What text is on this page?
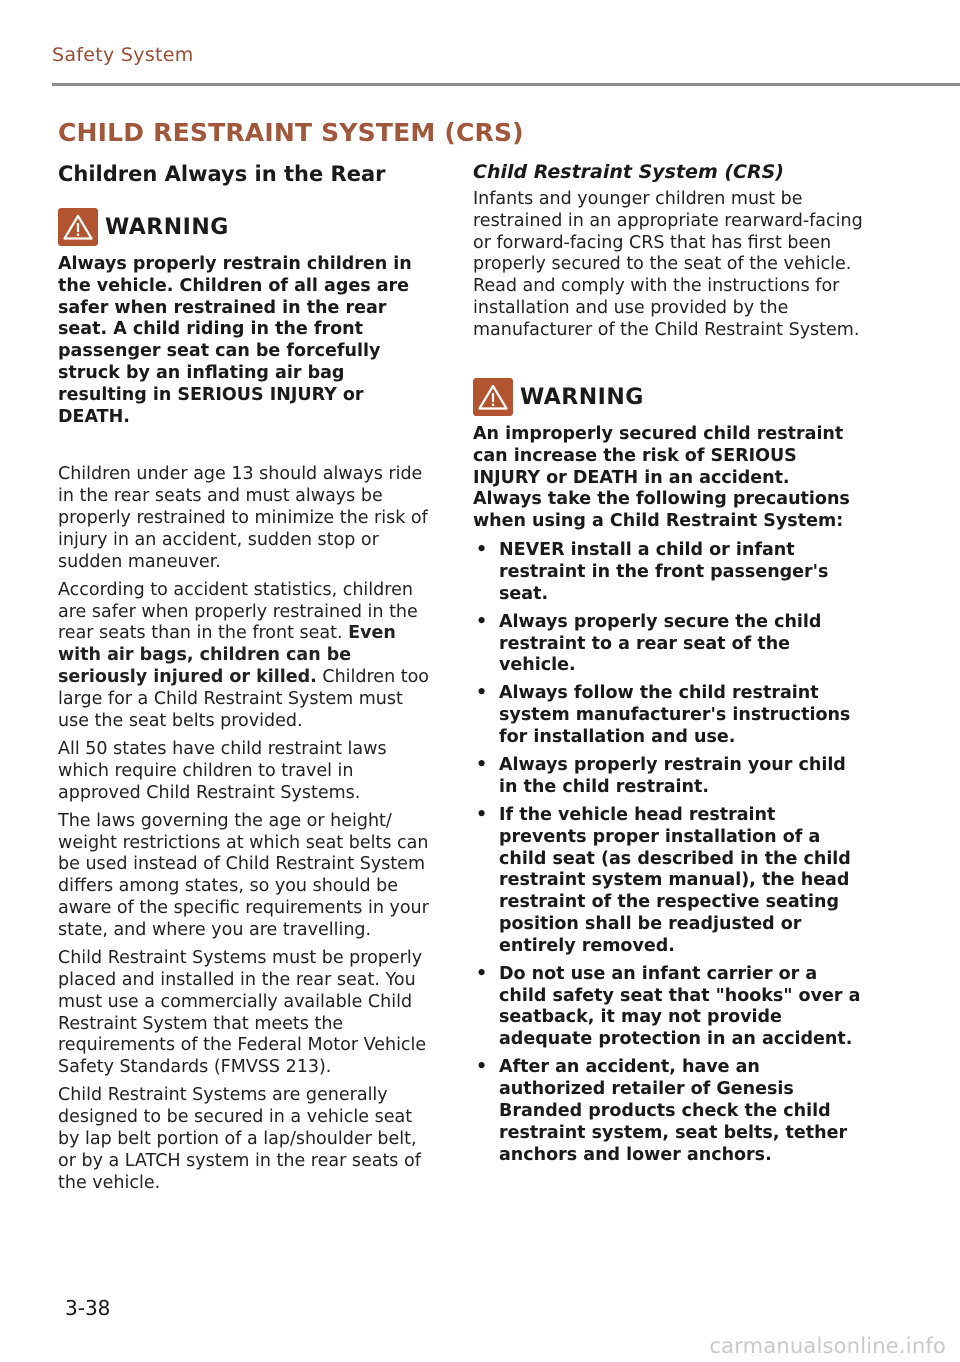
Safety System
CHILD RESTRAINT SYSTEM (CRS)
Children Always in the Rear
WARNING

Always properly restrain children in the vehicle. Children of all ages are safer when restrained in the rear seat. A child riding in the front passenger seat can be forcefully struck by an inflating air bag resulting in SERIOUS INJURY or DEATH.

Children under age 13 should always ride in the rear seats and must always be properly restrained to minimize the risk of injury in an accident, sudden stop or sudden maneuver.

According to accident statistics, children are safer when properly restrained in the rear seats than in the front seat. Even with air bags, children can be seriously injured or killed. Children too large for a Child Restraint System must use the seat belts provided.

All 50 states have child restraint laws which require children to travel in approved Child Restraint Systems.

The laws governing the age or height/ weight restrictions at which seat belts can be used instead of Child Restraint System differs among states, so you should be aware of the specific requirements in your state, and where you are travelling.

Child Restraint Systems must be properly placed and installed in the rear seat. You must use a commercially available Child Restraint System that meets the requirements of the Federal Motor Vehicle Safety Standards (FMVSS 213).

Child Restraint Systems are generally designed to be secured in a vehicle seat by lap belt portion of a lap/shoulder belt, or by a LATCH system in the rear seats of the vehicle.

Child Restraint System (CRS)

Infants and younger children must be restrained in an appropriate rearward-facing or forward-facing CRS that has first been properly secured to the seat of the vehicle. Read and comply with the instructions for installation and use provided by the manufacturer of the Child Restraint System.

WARNING

An improperly secured child restraint can increase the risk of SERIOUS INJURY or DEATH in an accident. Always take the following precautions when using a Child Restraint System:

• NEVER install a child or infant restraint in the front passenger's seat.
• Always properly secure the child restraint to a rear seat of the vehicle.
• Always follow the child restraint system manufacturer's instructions for installation and use.
• Always properly restrain your child in the child restraint.
• If the vehicle head restraint prevents proper installation of a child seat (as described in the child restraint system manual), the head restraint of the respective seating position shall be readjusted or entirely removed.
• Do not use an infant carrier or a child safety seat that "hooks" over a seatback, it may not provide adequate protection in an accident.
• After an accident, have an authorized retailer of Genesis Branded products check the child restraint system, seat belts, tether anchors and lower anchors.
3-38
carmanualsonline.info
